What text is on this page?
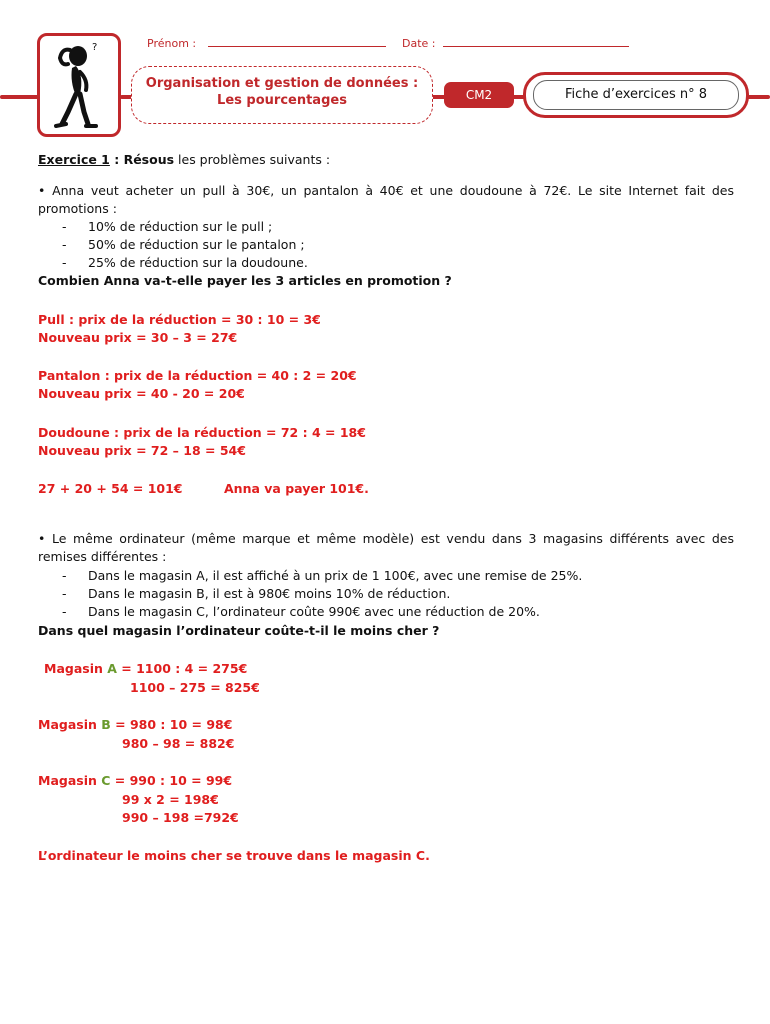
?	Prénom :	Date :
Organisation et gestion de données :
Les pourcentages	CM2	Fiche d’exercices n° 8
Exercice 1 : Résous les problèmes suivants :
• Anna veut acheter un pull à 30€, un pantalon à 40€ et une doudoune à 72€. Le site Internet fait des
promotions :
- 10% de réduction sur le pull ;
- 50% de réduction sur le pantalon ;
- 25% de réduction sur la doudoune.
Combien Anna va-t-elle payer les 3 articles en promotion ?
Pull : prix de la réduction = 30 : 10 = 3€
Nouveau prix = 30 – 3 = 27€
Pantalon : prix de la réduction = 40 : 2 = 20€
Nouveau prix = 40 - 20 = 20€
Doudoune : prix de la réduction = 72 : 4 = 18€
Nouveau prix = 72 – 18 = 54€
27 + 20 + 54 = 101€	Anna va payer 101€.
• Le même ordinateur (même marque et même modèle) est vendu dans 3 magasins différents avec des
remises différentes :
- Dans le magasin A, il est affiché à un prix de 1 100€, avec une remise de 25%.
- Dans le magasin B, il est à 980€ moins 10% de réduction.
- Dans le magasin C, l’ordinateur coûte 990€ avec une réduction de 20%.
Dans quel magasin l’ordinateur coûte-t-il le moins cher ?
Magasin A = 1100 : 4 = 275€
1100 – 275 = 825€
Magasin B = 980 : 10 = 98€
980 – 98 = 882€
Magasin C = 990 : 10 = 99€
99 x 2 = 198€
990 – 198 =792€
L’ordinateur le moins cher se trouve dans le magasin C.
